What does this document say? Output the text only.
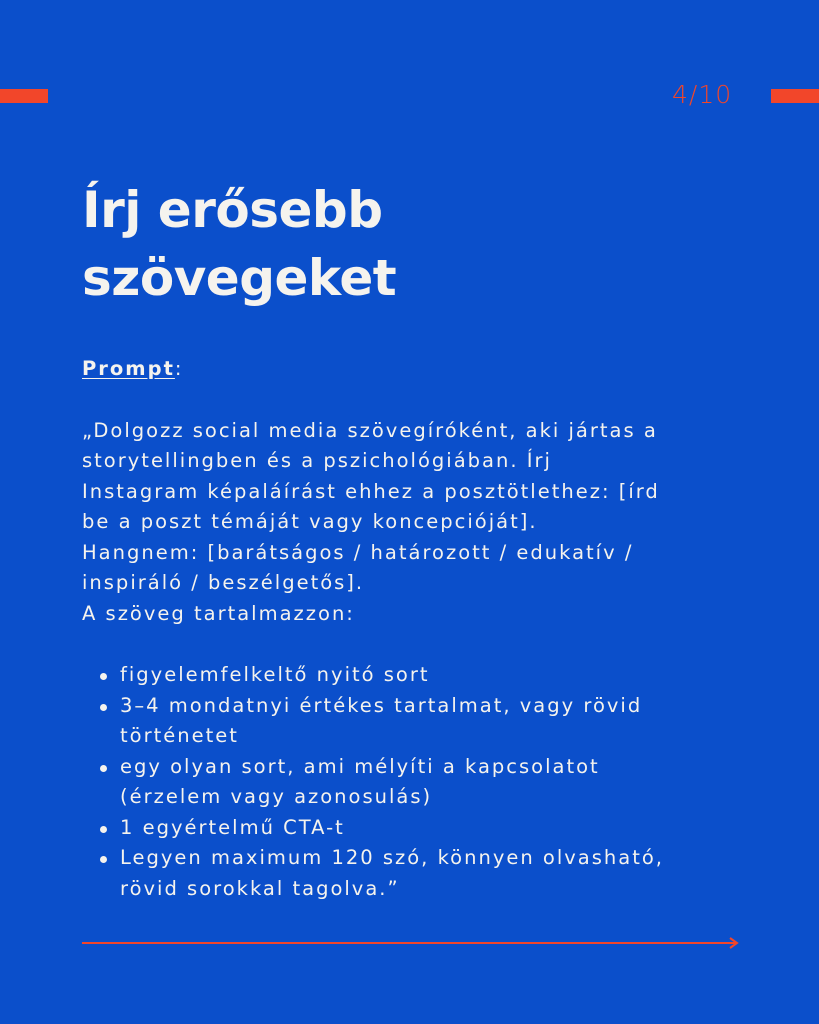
4/10
Írj erősebb
szövegeket

Prompt:

„Dolgozz social media szövegíróként, aki jártas a
storytellingben és a pszichológiában. Írj
Instagram képaláírást ehhez a posztötlethez: [írd
be a poszt témáját vagy koncepcióját].
Hangnem: [barátságos / határozott / edukatív /
inspiráló / beszélgetős].
A szöveg tartalmazzon:

figyelemfelkeltő nyitó sort
3–4 mondatnyi értékes tartalmat, vagy rövid
történetet
egy olyan sort, ami mélyíti a kapcsolatot
(érzelem vagy azonosulás)
1 egyértelmű CTA-t
Legyen maximum 120 szó, könnyen olvasható,
rövid sorokkal tagolva.”
